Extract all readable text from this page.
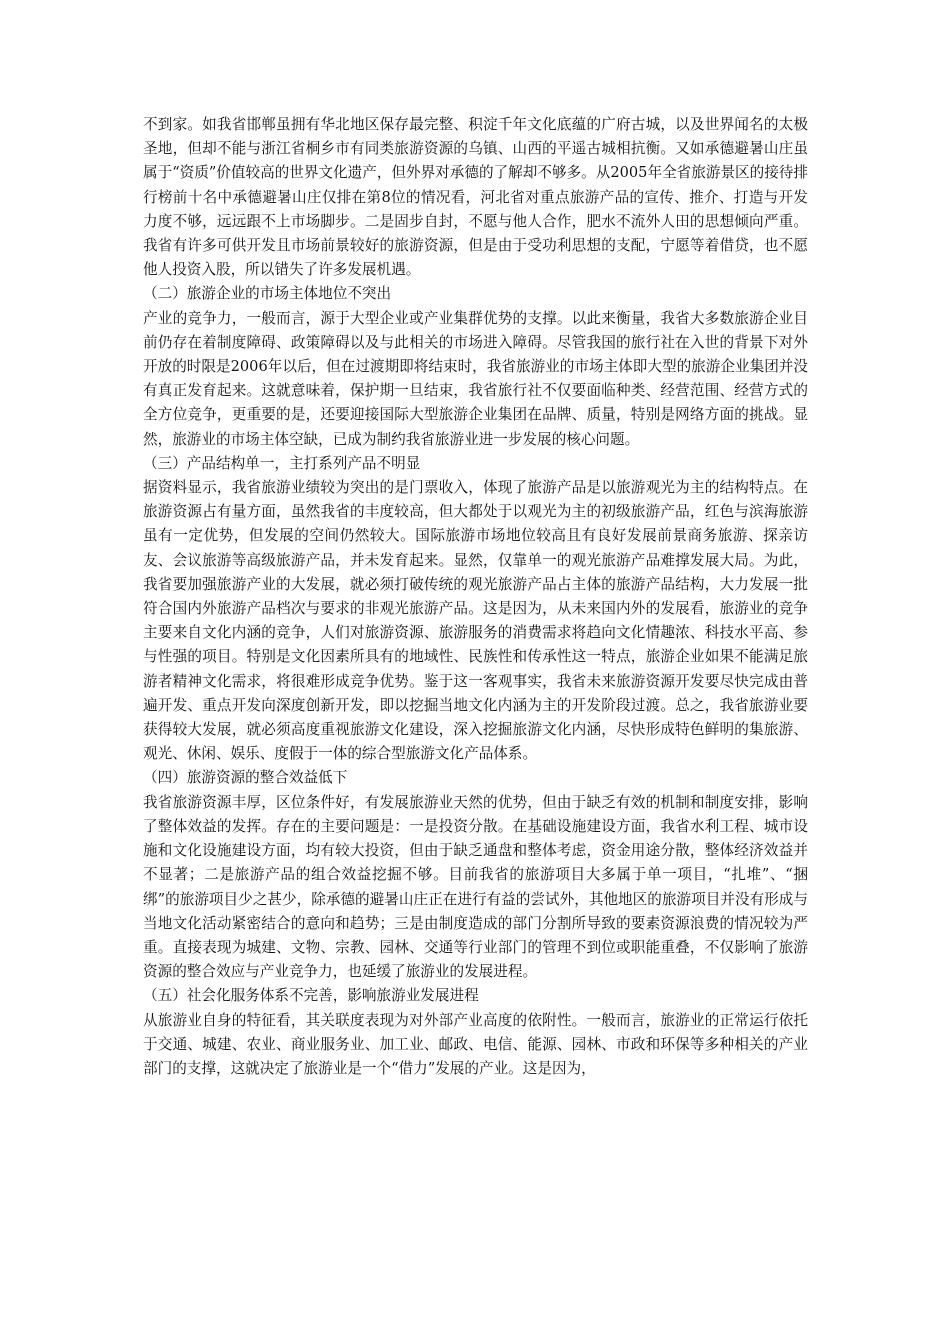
不到家。如我省邯郸虽拥有华北地区保存最完整、积淀千年文化底蕴的广府古城，以及世界闻名的太极圣地，但却不能与浙江省桐乡市有同类旅游资源的乌镇、山西的平遥古城相抗衡。又如承德避暑山庄虽属于“资质”价值较高的世界文化遗产，但外界对承德的了解却不够多。从2005年全省旅游景区的接待排行榜前十名中承德避暑山庄仅排在第8位的情况看，河北省对重点旅游产品的宣传、推介、打造与开发力度不够，远远跟不上市场脚步。二是固步自封，不愿与他人合作，肥水不流外人田的思想倾向严重。我省有许多可供开发且市场前景较好的旅游资源，但是由于受功利思想的支配，宁愿等着借贷，也不愿他人投资入股，所以错失了许多发展机遇。

（二）旅游企业的市场主体地位不突出

产业的竞争力，一般而言，源于大型企业或产业集群优势的支撑。以此来衡量，我省大多数旅游企业目前仍存在着制度障碍、政策障碍以及与此相关的市场进入障碍。尽管我国的旅行社在入世的背景下对外开放的时限是2006年以后，但在过渡期即将结束时，我省旅游业的市场主体即大型的旅游企业集团并没有真正发育起来。这就意味着，保护期一旦结束，我省旅行社不仅要面临种类、经营范围、经营方式的全方位竞争，更重要的是，还要迎接国际大型旅游企业集团在品牌、质量，特别是网络方面的挑战。显然，旅游业的市场主体空缺，已成为制约我省旅游业进一步发展的核心问题。

（三）产品结构单一，主打系列产品不明显

据资料显示，我省旅游业绩较为突出的是门票收入，体现了旅游产品是以旅游观光为主的结构特点。在旅游资源占有量方面，虽然我省的丰度较高，但大都处于以观光为主的初级旅游产品，红色与滨海旅游虽有一定优势，但发展的空间仍然较大。国际旅游市场地位较高且有良好发展前景商务旅游、探亲访友、会议旅游等高级旅游产品，并未发育起来。显然，仅靠单一的观光旅游产品难撑发展大局。为此，我省要加强旅游产业的大发展，就必须打破传统的观光旅游产品占主体的旅游产品结构，大力发展一批符合国内外旅游产品档次与要求的非观光旅游产品。这是因为，从未来国内外的发展看，旅游业的竞争主要来自文化内涵的竞争，人们对旅游资源、旅游服务的消费需求将趋向文化情趣浓、科技水平高、参与性强的项目。特别是文化因素所具有的地域性、民族性和传承性这一特点，旅游企业如果不能满足旅游者精神文化需求，将很难形成竞争优势。鉴于这一客观事实，我省未来旅游资源开发要尽快完成由普遍开发、重点开发向深度创新开发，即以挖掘当地文化内涵为主的开发阶段过渡。总之，我省旅游业要获得较大发展，就必须高度重视旅游文化建设，深入挖掘旅游文化内涵，尽快形成特色鲜明的集旅游、观光、休闲、娱乐、度假于一体的综合型旅游文化产品体系。

（四）旅游资源的整合效益低下

我省旅游资源丰厚，区位条件好，有发展旅游业天然的优势，但由于缺乏有效的机制和制度安排，影响了整体效益的发挥。存在的主要问题是：一是投资分散。在基础设施建设方面，我省水利工程、城市设施和文化设施建设方面，均有较大投资，但由于缺乏通盘和整体考虑，资金用途分散，整体经济效益并不显著；二是旅游产品的组合效益挖掘不够。目前我省的旅游项目大多属于单一项目，“扎堆”、“捆绑”的旅游项目少之甚少，除承德的避暑山庄正在进行有益的尝试外，其他地区的旅游项目并没有形成与当地文化活动紧密结合的意向和趋势；三是由制度造成的部门分割所导致的要素资源浪费的情况较为严重。直接表现为城建、文物、宗教、园林、交通等行业部门的管理不到位或职能重叠，不仅影响了旅游资源的整合效应与产业竞争力，也延缓了旅游业的发展进程。

（五）社会化服务体系不完善，影响旅游业发展进程

从旅游业自身的特征看，其关联度表现为对外部产业高度的依附性。一般而言，旅游业的正常运行依托于交通、城建、农业、商业服务业、加工业、邮政、电信、能源、园林、市政和环保等多种相关的产业部门的支撑，这就决定了旅游业是一个“借力”发展的产业。这是因为，
